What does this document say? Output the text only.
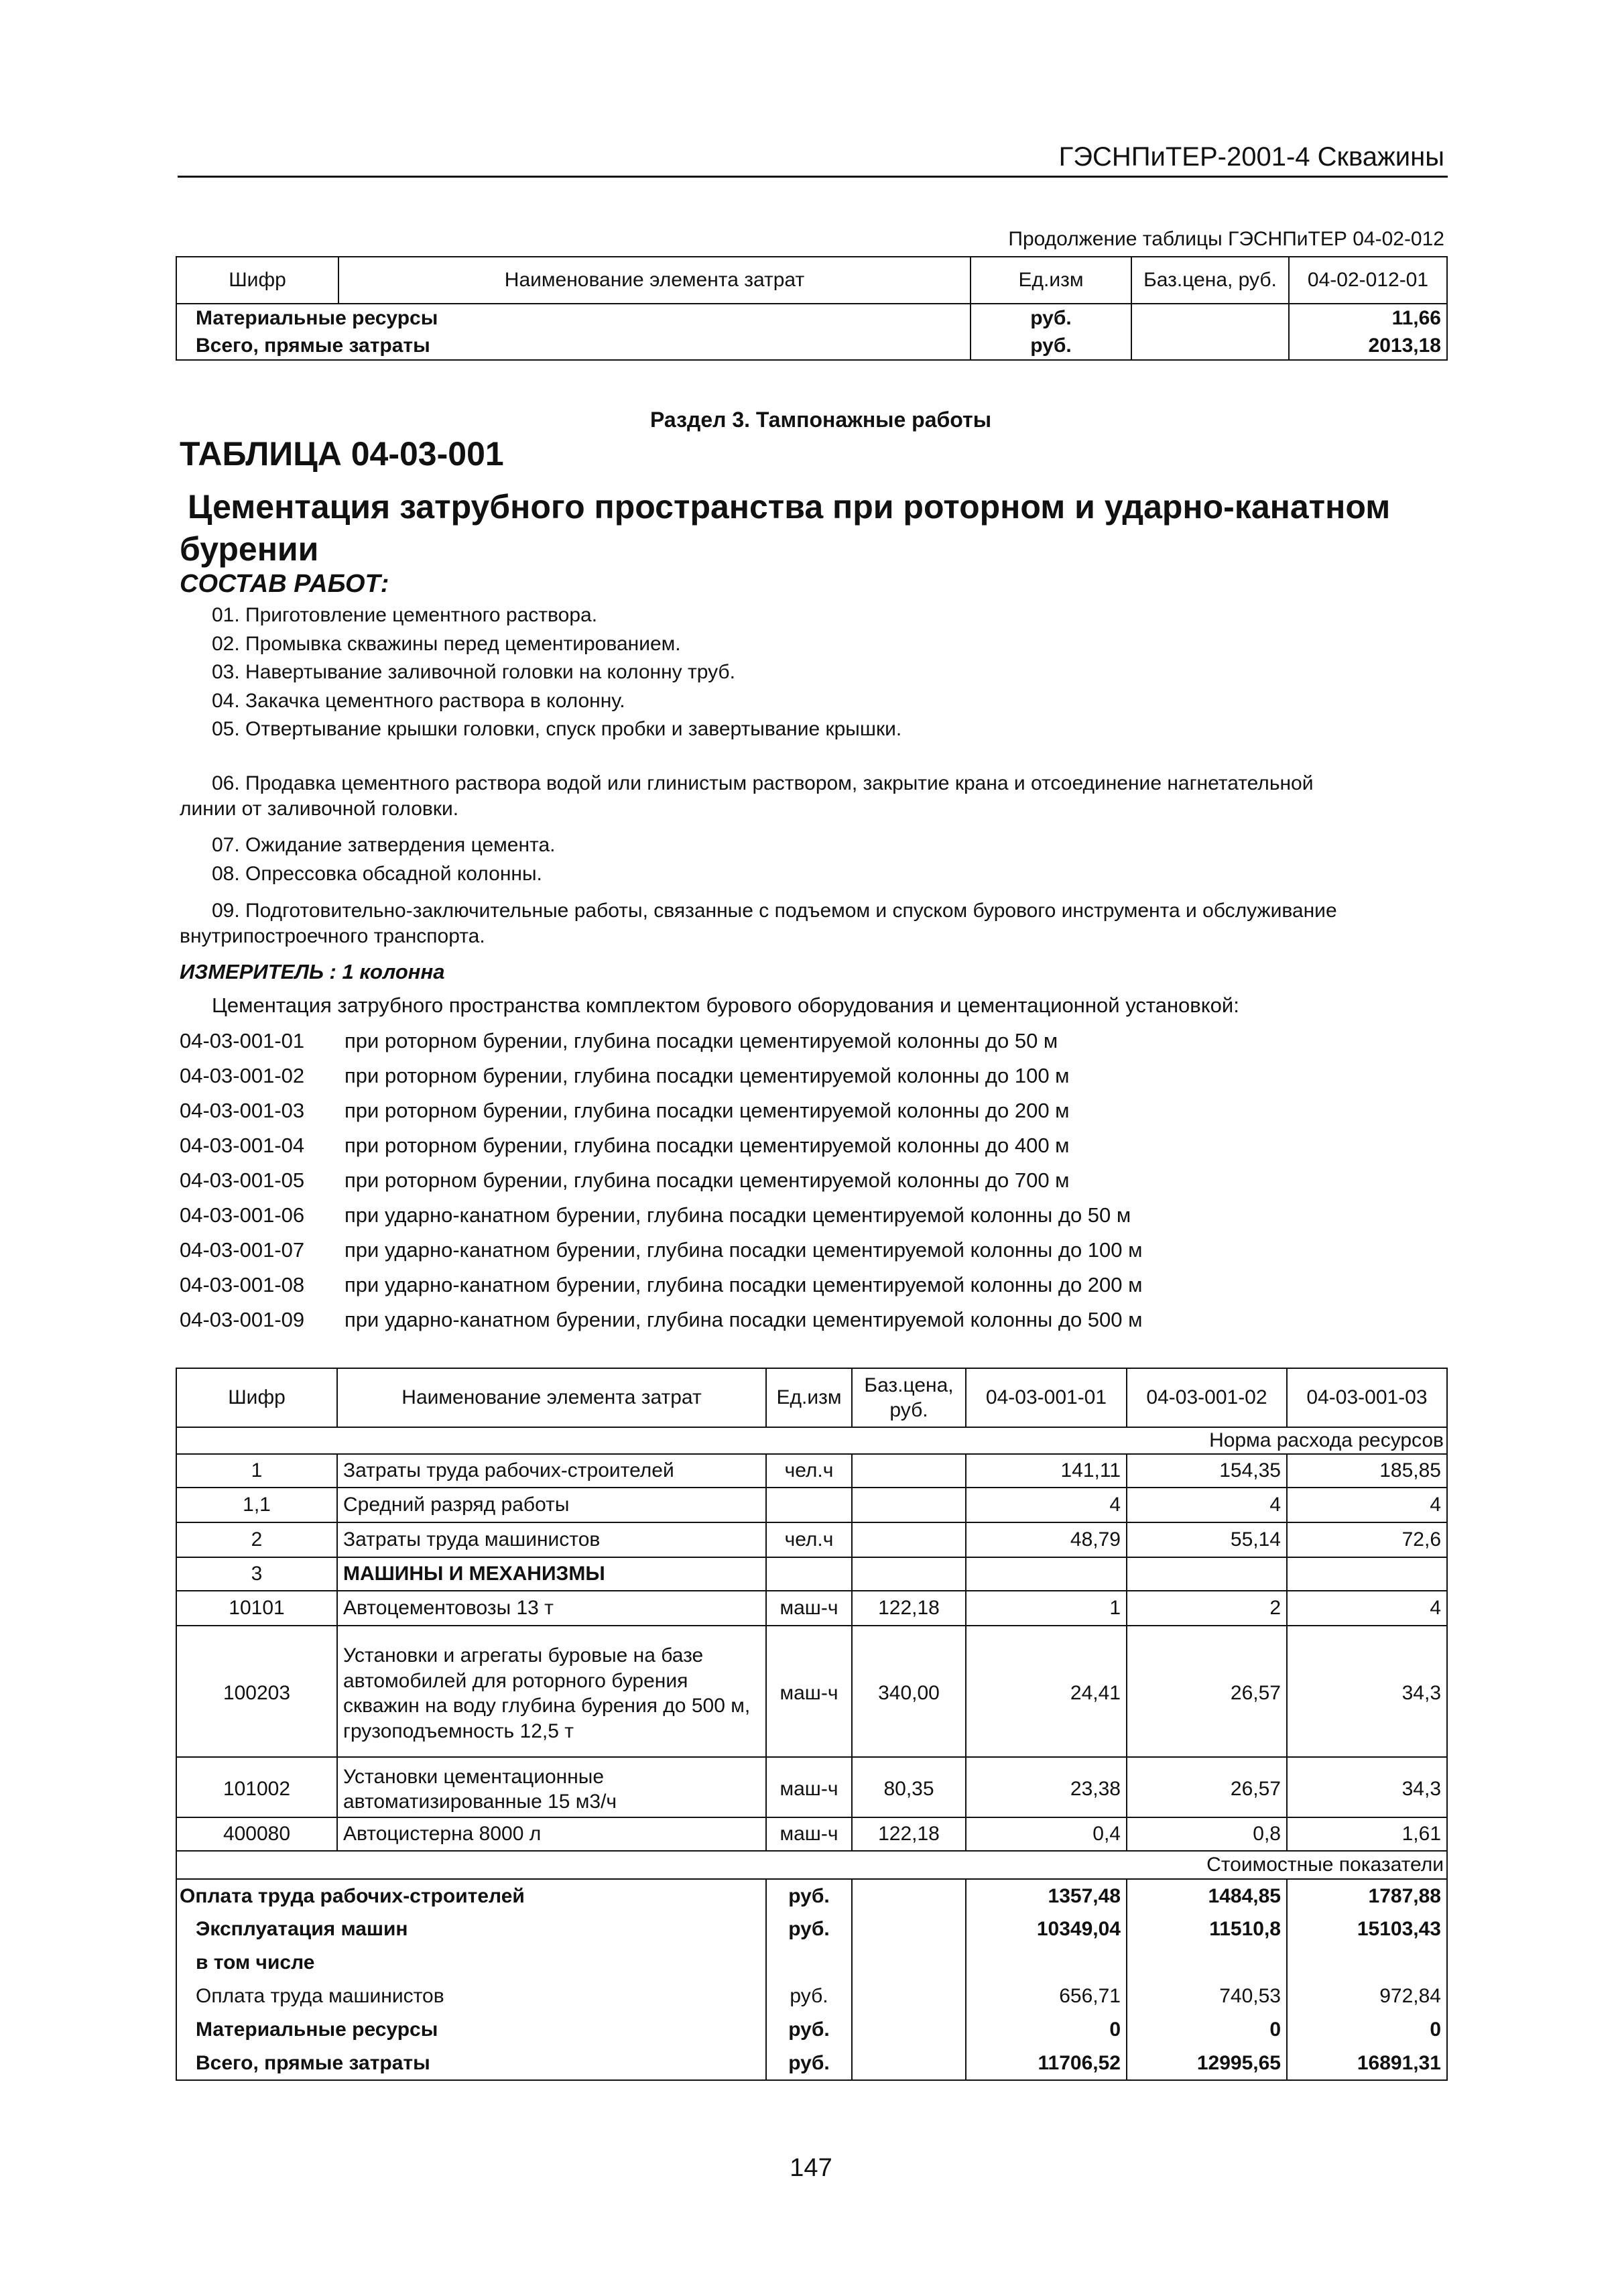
ГЭСНПиТЕР-2001-4 Скважины
Продолжение таблицы ГЭСНПиТЕР 04-02-012
Шифр	Наименование элемента затрат	Ед.изм	Баз.цена, руб.	04-02-012-01
Материальные ресурсы		руб.		11,66
Всего, прямые затраты		руб.		2013,18
Раздел 3. Тампонажные работы
ТАБЛИЦА 04-03-001
Цементация затрубного пространства при роторном и ударно-канатном
бурении
СОСТАВ РАБОТ:
01. Приготовление цементного раствора.
02. Промывка скважины перед цементированием.
03. Навертывание заливочной головки на колонну труб.
04. Закачка цементного раствора в колонну.
05. Отвертывание крышки головки, спуск пробки и завертывание крышки.
06. Продавка цементного раствора водой или глинистым раствором, закрытие крана и отсоединение нагнетательной
линии от заливочной головки.
07. Ожидание затвердения цемента.
08. Опрессовка обсадной колонны.
09. Подготовительно-заключительные работы, связанные с подъемом и спуском бурового инструмента и обслуживание
внутрипостроечного транспорта.
ИЗМЕРИТЕЛЬ : 1 колонна
Цементация затрубного пространства комплектом бурового оборудования и цементационной установкой:
04-03-001-01 при роторном бурении, глубина посадки цементируемой колонны до 50 м
04-03-001-02 при роторном бурении, глубина посадки цементируемой колонны до 100 м
04-03-001-03 при роторном бурении, глубина посадки цементируемой колонны до 200 м
04-03-001-04 при роторном бурении, глубина посадки цементируемой колонны до 400 м
04-03-001-05 при роторном бурении, глубина посадки цементируемой колонны до 700 м
04-03-001-06 при ударно-канатном бурении, глубина посадки цементируемой колонны до 50 м
04-03-001-07 при ударно-канатном бурении, глубина посадки цементируемой колонны до 100 м
04-03-001-08 при ударно-канатном бурении, глубина посадки цементируемой колонны до 200 м
04-03-001-09 при ударно-канатном бурении, глубина посадки цементируемой колонны до 500 м
Шифр	Наименование элемента затрат	Ед.изм	Баз.цена, руб.	04-03-001-01	04-03-001-02	04-03-001-03
Норма расхода ресурсов						
1	Затраты труда рабочих-строителей	чел.ч		141,11	154,35	185,85
1,1	Средний разряд работы			4	4	4
2	Затраты труда машинистов	чел.ч		48,79	55,14	72,6
3	МАШИНЫ И МЕХАНИЗМЫ					
10101	Автоцементовозы 13 т	маш-ч	122,18	1	2	4
100203	Установки и агрегаты буровые на базе автомобилей для роторного бурения скважин на воду глубина бурения до 500 м, грузоподъемность 12,5 т	маш-ч	340,00	24,41	26,57	34,3
101002	Установки цементационные автоматизированные 15 м3/ч	маш-ч	80,35	23,38	26,57	34,3
400080	Автоцистерна 8000 л	маш-ч	122,18	0,4	0,8	1,61
Стоимостные показатели						
Оплата труда рабочих-строителей		руб.		1357,48	1484,85	1787,88
Эксплуатация машин		руб.		10349,04	11510,8	15103,43
в том числе						
Оплата труда машинистов		руб.		656,71	740,53	972,84
Материальные ресурсы		руб.		0	0	0
Всего, прямые затраты		руб.		11706,52	12995,65	16891,31
147
